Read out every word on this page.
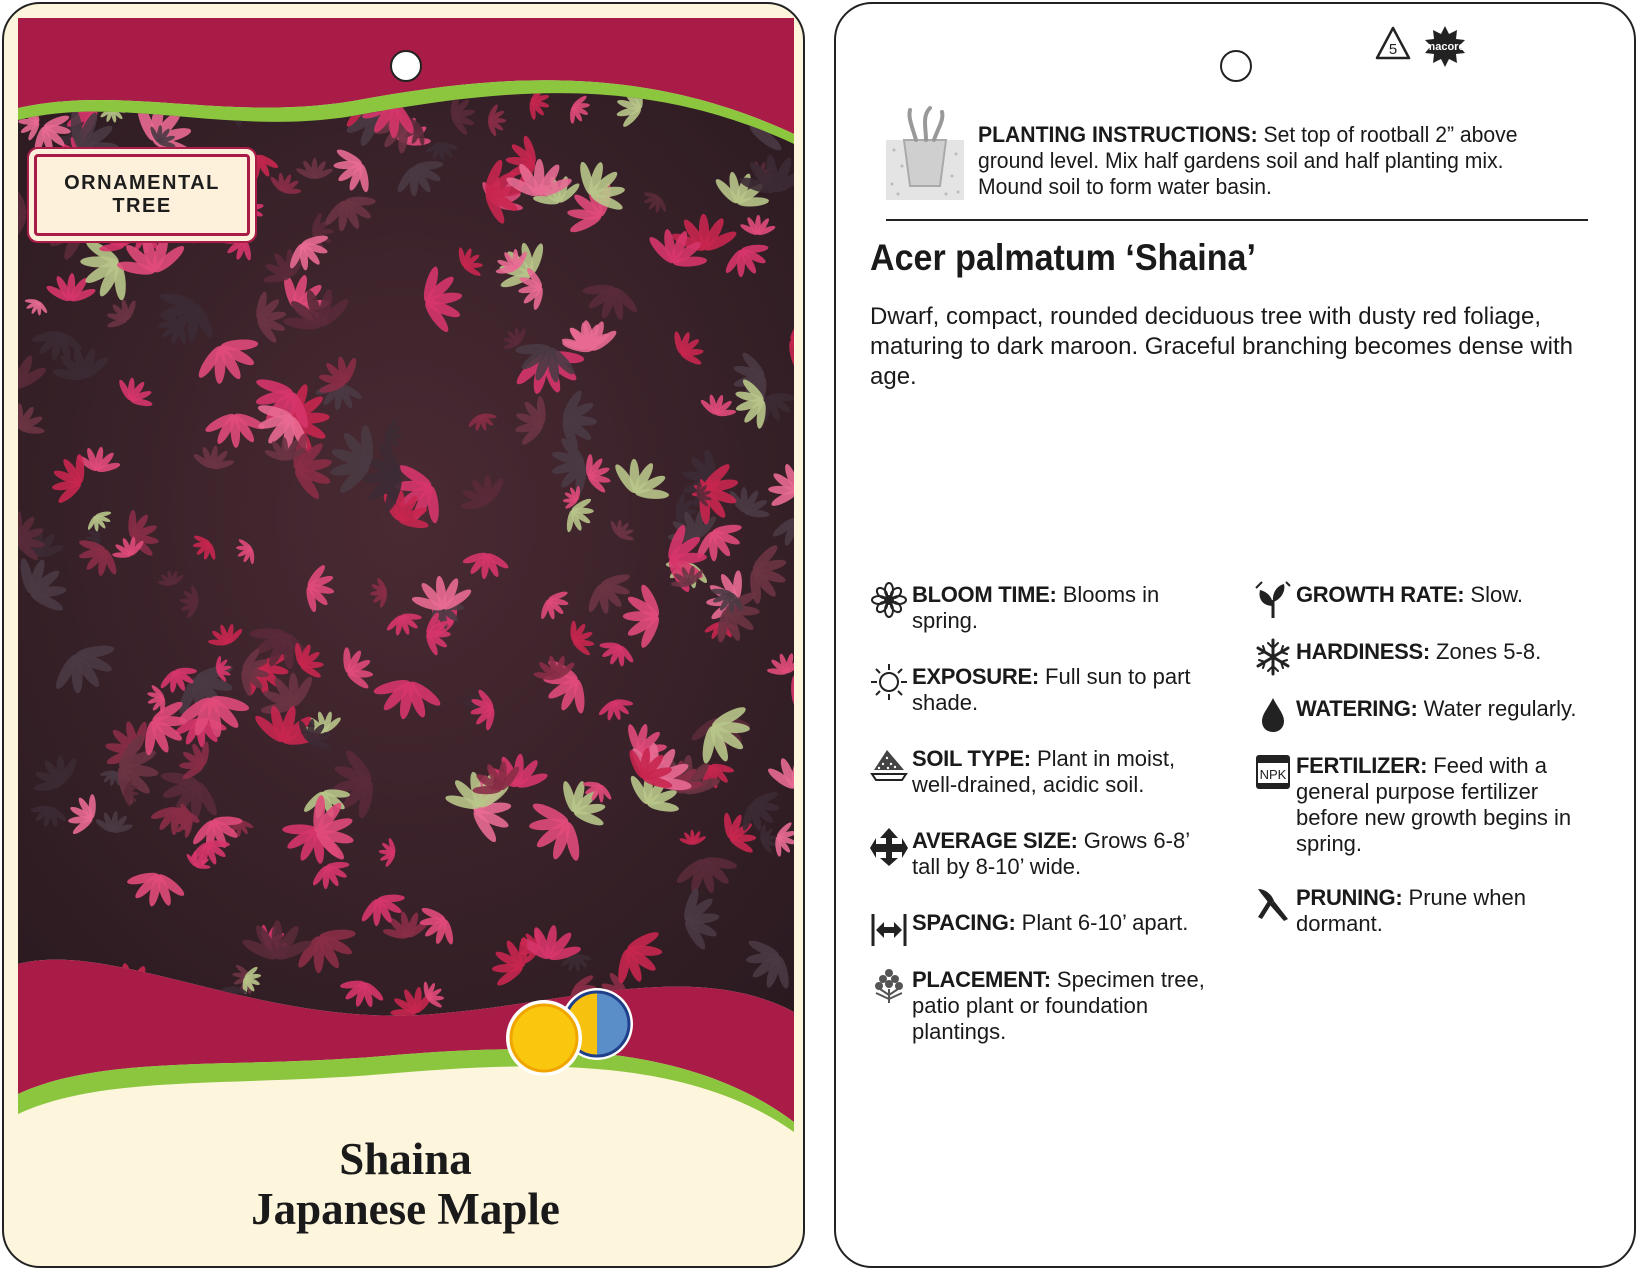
ORNAMENTAL
TREE
Shaina
Japanese Maple
5	macore
PLANTING INSTRUCTIONS: Set top of rootball 2” above ground level. Mix half gardens soil and half planting mix. Mound soil to form water basin.
Acer palmatum ‘Shaina’
Dwarf, compact, rounded deciduous tree with dusty red foliage, maturing to dark maroon. Graceful branching becomes dense with age.
BLOOM TIME: Blooms in spring.
EXPOSURE: Full sun to part shade.
SOIL TYPE: Plant in moist, well-drained, acidic soil.
AVERAGE SIZE: Grows 6-8’ tall by 8-10’ wide.
SPACING: Plant 6-10’ apart.
PLACEMENT: Specimen tree, patio plant or foundation plantings.
GROWTH RATE: Slow.
HARDINESS: Zones 5-8.
WATERING: Water regularly.
NPK FERTILIZER: Feed with a general purpose fertilizer before new growth begins in spring.
PRUNING: Prune when dormant.
